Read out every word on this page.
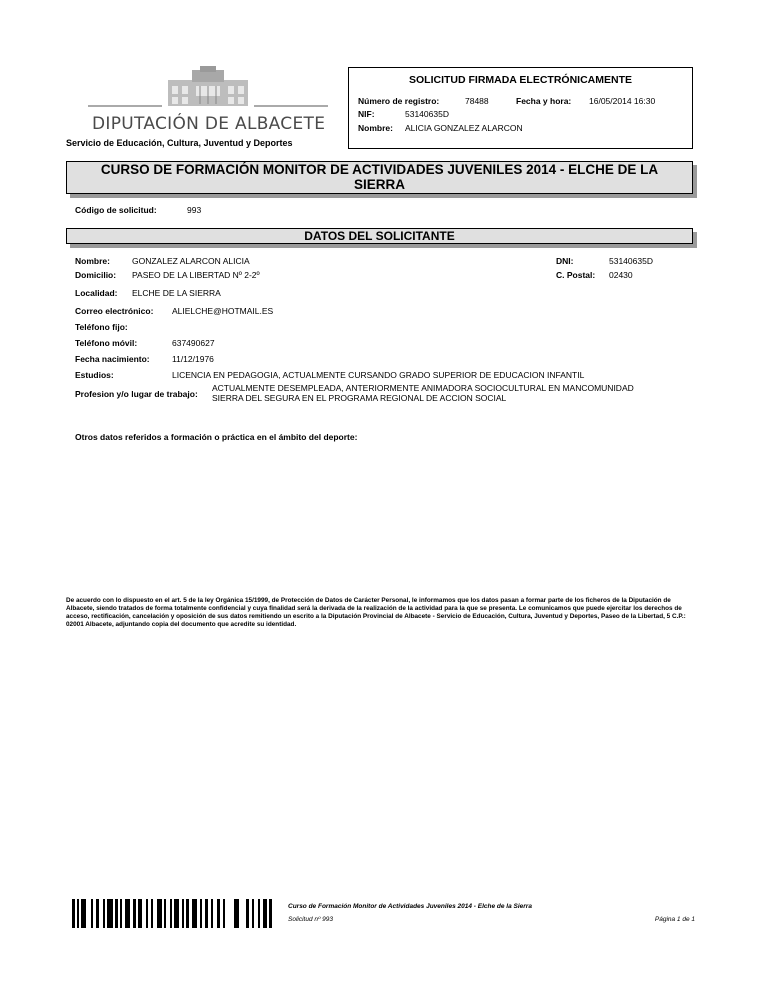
DIPUTACIÓN DE ALBACETE
Servicio de Educación, Cultura, Juventud y Deportes
SOLICITUD FIRMADA ELECTRÓNICAMENTE
Número de registro:	78488	Fecha y hora: 16/05/2014 16:30
NIF:	53140635D
Nombre: ALICIA GONZALEZ ALARCON
CURSO DE FORMACIÓN MONITOR DE ACTIVIDADES JUVENILES 2014 - ELCHE DE LA
SIERRA
Código de solicitud:	993
DATOS DEL SOLICITANTE
Nombre:	GONZALEZ ALARCON ALICIA	DNI:	53140635D
Domicilio: PASEO DE LA LIBERTAD Nº 2-2º	C. Postal: 02430
Localidad: ELCHE DE LA SIERRA
Correo electrónico: ALIELCHE@HOTMAIL.ES
Teléfono fijo:
Teléfono móvil:	637490627
Fecha nacimiento:	11/12/1976
Estudios:	LICENCIA EN PEDAGOGIA, ACTUALMENTE CURSANDO GRADO SUPERIOR DE EDUCACION INFANTIL
Profesion y/o lugar de trabajo:
ACTUALMENTE DESEMPLEADA, ANTERIORMENTE ANIMADORA SOCIOCULTURAL EN MANCOMUNIDAD
SIERRA DEL SEGURA EN EL PROGRAMA REGIONAL DE ACCION SOCIAL
Otros datos referidos a formación o práctica en el ámbito del deporte:
De acuerdo con lo dispuesto en el art. 5 de la ley Orgánica 15/1999, de Protección de Datos de Carácter Personal, le informamos que los datos pasan a formar parte de los ficheros de la Diputación de Albacete, siendo tratados de forma totalmente confidencial y cuya finalidad será la derivada de la realización de la actividad para la que se presenta. Le comunicamos que puede ejercitar los derechos de acceso, rectificación, cancelación y oposición de sus datos remitiendo un escrito a la Diputación Provincial de Albacete - Servicio de Educación, Cultura, Juventud y Deportes, Paseo de la Libertad, 5 C.P.: 02001 Albacete, adjuntando copia del documento que acredite su identidad.
Curso de Formación Monitor de Actividades Juveniles 2014 - Elche de la Sierra
Solicitud nº 993	Página 1 de 1
